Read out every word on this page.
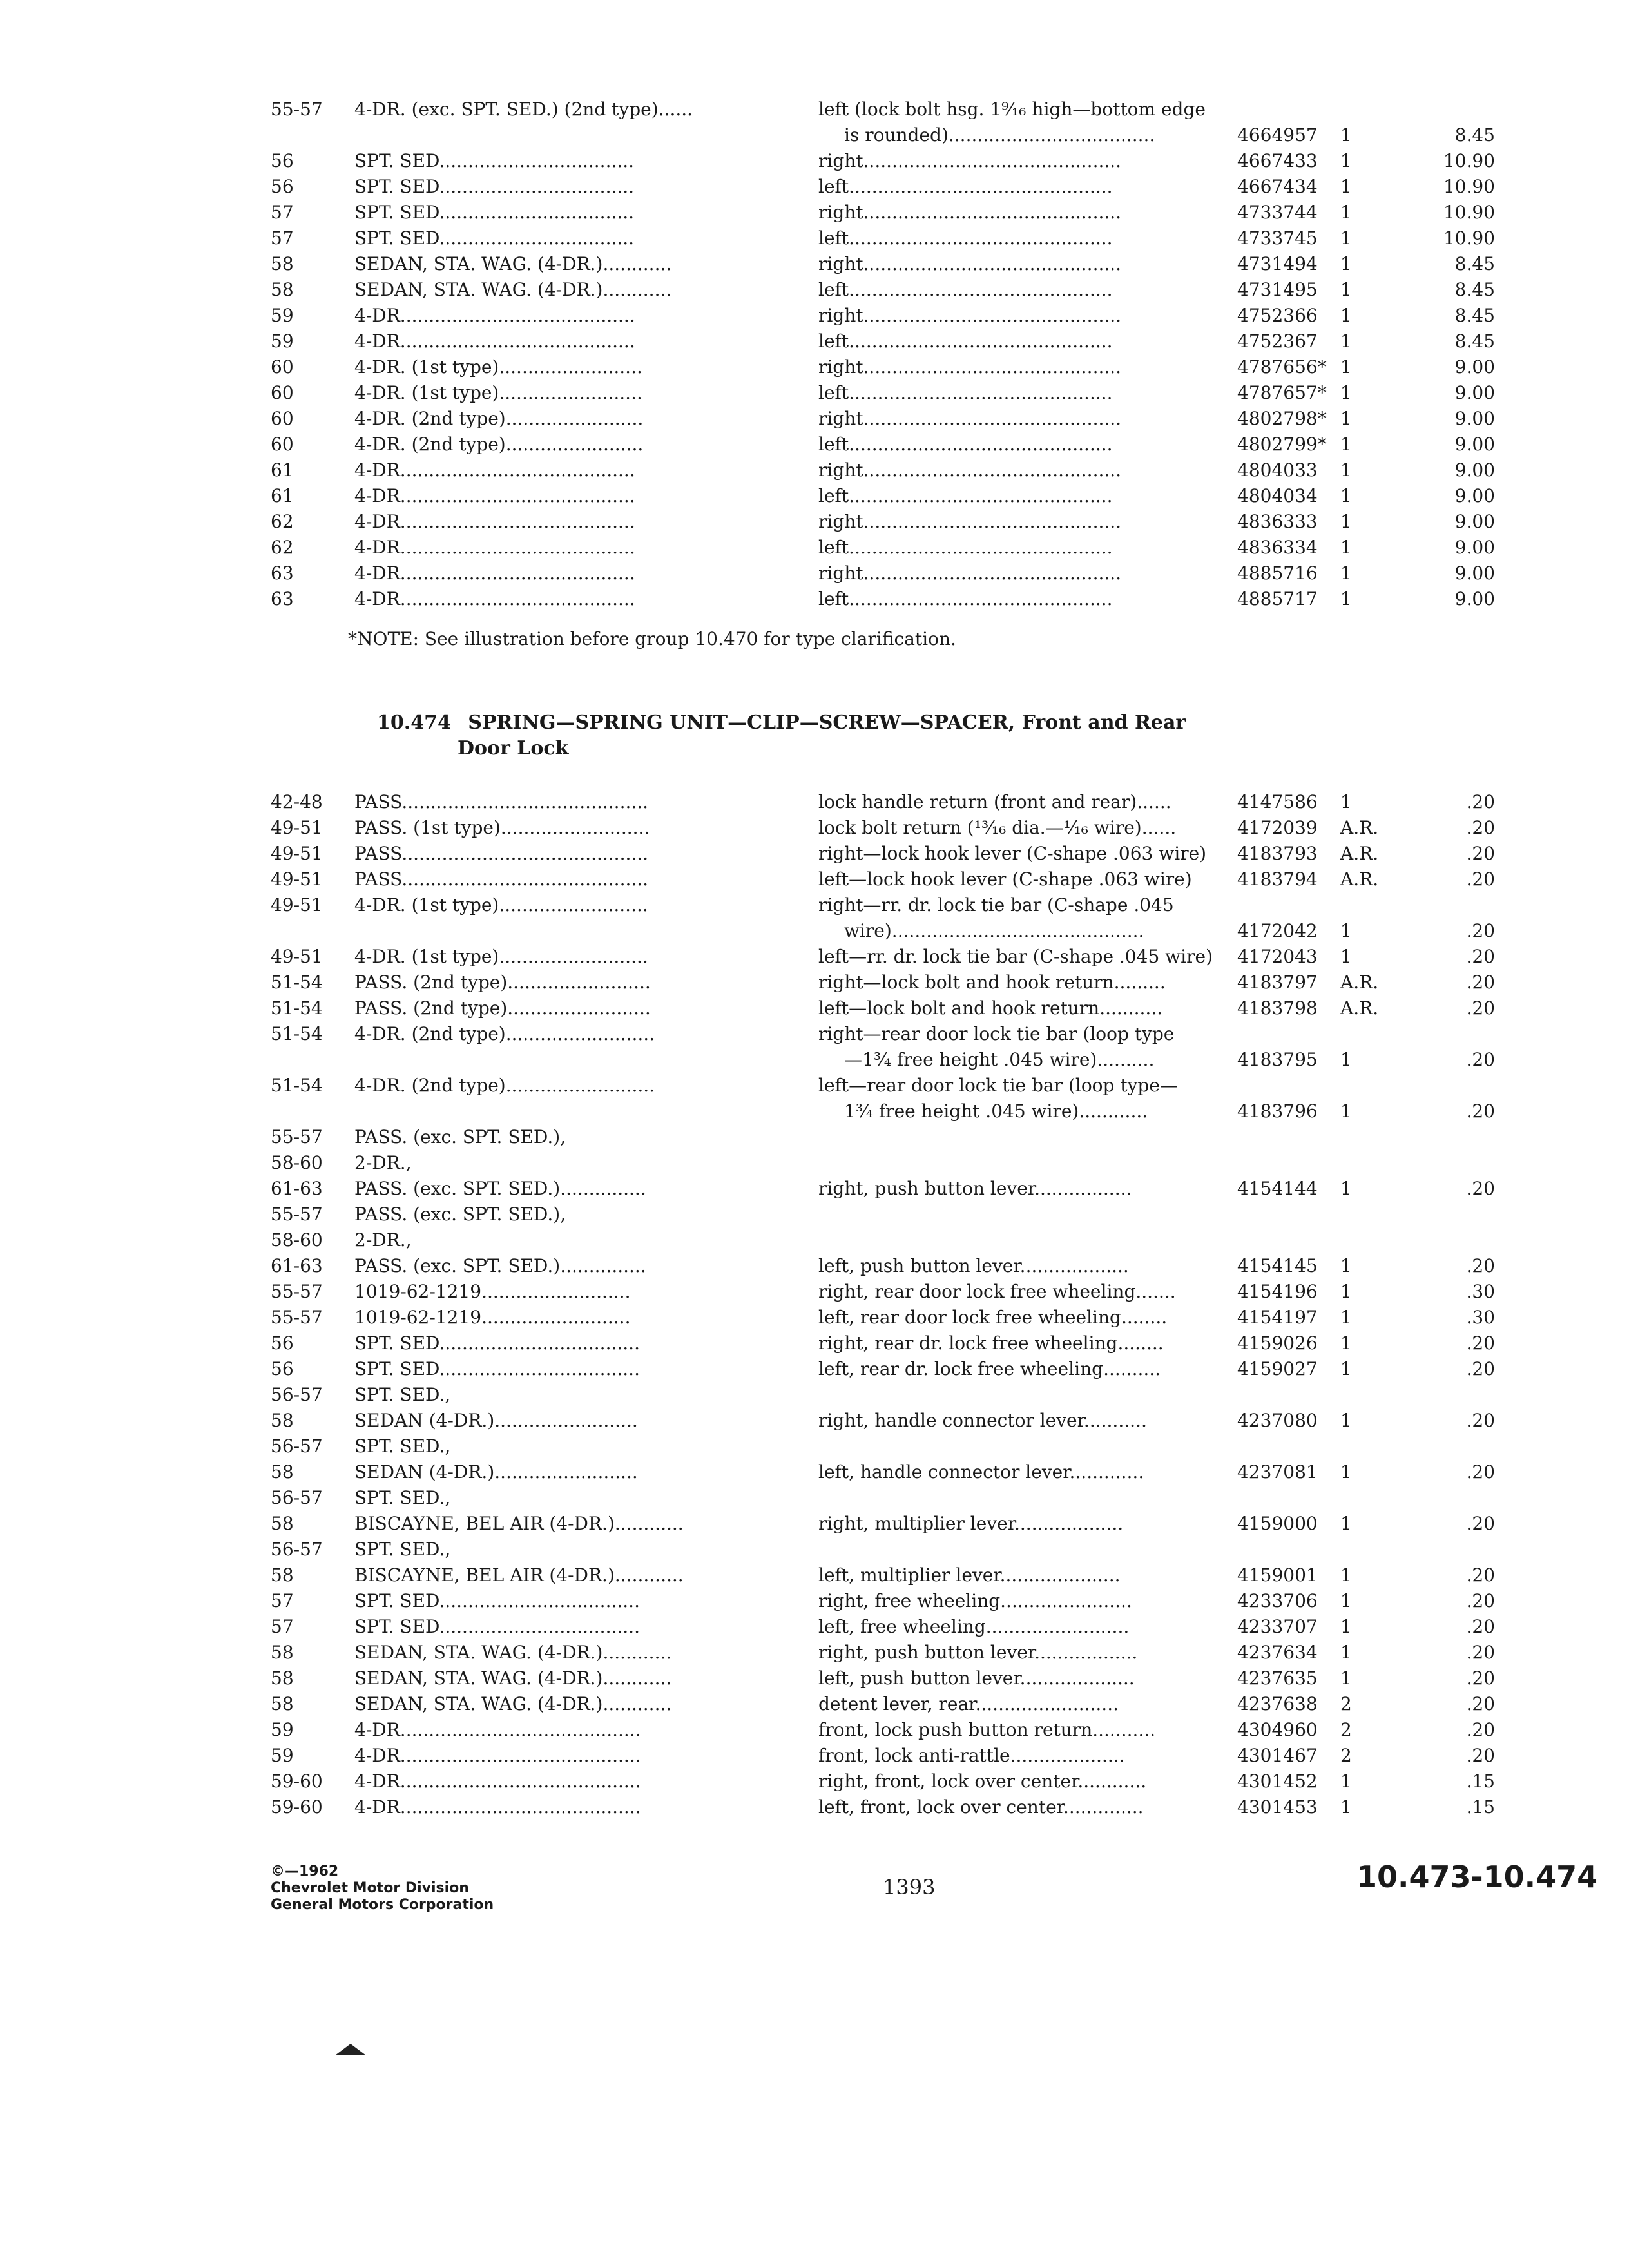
55-57	4-DR. (exc. SPT. SED.) (2nd type)......	left (lock bolt hsg. 1⁹⁄₁₆ high—bottom edge
is rounded)....................................	4664957	1	8.45
56	SPT. SED..................................	right.............................................	4667433	1	10.90
56	SPT. SED..................................	left..............................................	4667434	1	10.90
57	SPT. SED..................................	right.............................................	4733744	1	10.90
57	SPT. SED..................................	left..............................................	4733745	1	10.90
58	SEDAN, STA. WAG. (4-DR.)............	right.............................................	4731494	1	8.45
58	SEDAN, STA. WAG. (4-DR.)............	left..............................................	4731495	1	8.45
59	4-DR.........................................	right.............................................	4752366	1	8.45
59	4-DR.........................................	left..............................................	4752367	1	8.45
60	4-DR. (1st type).........................	right.............................................	4787656* 1	9.00
60	4-DR. (1st type).........................	left..............................................	4787657* 1	9.00
60	4-DR. (2nd type)........................	right.............................................	4802798* 1	9.00
60	4-DR. (2nd type)........................	left..............................................	4802799* 1	9.00
61	4-DR.........................................	right.............................................	4804033	1	9.00
61	4-DR.........................................	left..............................................	4804034	1	9.00
62	4-DR.........................................	right.............................................	4836333	1	9.00
62	4-DR.........................................	left..............................................	4836334	1	9.00
63	4-DR.........................................	right.............................................	4885716	1	9.00
63	4-DR.........................................	left..............................................	4885717	1	9.00
*NOTE: See illustration before group 10.470 for type clarification.
10.474 SPRING—SPRING UNIT—CLIP—SCREW—SPACER, Front and Rear
Door Lock
42-48	PASS...........................................	lock handle return (front and rear)......	4147586	1	.20
49-51	PASS. (1st type)..........................	lock bolt return (¹³⁄₁₆ dia.—¹⁄₁₆ wire)......	4172039	A.R.	.20
49-51	PASS...........................................	right—lock hook lever (C-shape .063 wire)	4183793	A.R.	.20
49-51	PASS...........................................	left—lock hook lever (C-shape .063 wire)	4183794	A.R.	.20
49-51	4-DR. (1st type)..........................	right—rr. dr. lock tie bar (C-shape .045
wire)............................................	4172042	1	.20
49-51	4-DR. (1st type)..........................	left—rr. dr. lock tie bar (C-shape .045 wire)	4172043	1	.20
51-54	PASS. (2nd type).........................	right—lock bolt and hook return.........	4183797	A.R.	.20
51-54	PASS. (2nd type).........................	left—lock bolt and hook return...........	4183798	A.R.	.20
51-54	4-DR. (2nd type)..........................	right—rear door lock tie bar (loop type
—1¾ free height .045 wire)..........	4183795	1	.20
51-54	4-DR. (2nd type)..........................	left—rear door lock tie bar (loop type—
1¾ free height .045 wire)............	4183796	1	.20
55-57	PASS. (exc. SPT. SED.),
58-60	2-DR.,
61-63	PASS. (exc. SPT. SED.)...............	right, push button lever.................	4154144	1	.20
55-57	PASS. (exc. SPT. SED.),
58-60	2-DR.,
61-63	PASS. (exc. SPT. SED.)...............	left, push button lever...................	4154145	1	.20
55-57	1019-62-1219..........................	right, rear door lock free wheeling.......	4154196	1	.30
55-57	1019-62-1219..........................	left, rear door lock free wheeling........	4154197	1	.30
56	SPT. SED...................................	right, rear dr. lock free wheeling........	4159026	1	.20
56	SPT. SED...................................	left, rear dr. lock free wheeling..........	4159027	1	.20
56-57	SPT. SED.,
58	SEDAN (4-DR.).........................	right, handle connector lever...........	4237080	1	.20
56-57	SPT. SED.,
58	SEDAN (4-DR.).........................	left, handle connector lever.............	4237081	1	.20
56-57	SPT. SED.,
58	BISCAYNE, BEL AIR (4-DR.)............	right, multiplier lever...................	4159000	1	.20
56-57	SPT. SED.,
58	BISCAYNE, BEL AIR (4-DR.)............	left, multiplier lever.....................	4159001	1	.20
57	SPT. SED...................................	right, free wheeling.......................	4233706	1	.20
57	SPT. SED...................................	left, free wheeling.........................	4233707	1	.20
58	SEDAN, STA. WAG. (4-DR.)............	right, push button lever..................	4237634	1	.20
58	SEDAN, STA. WAG. (4-DR.)............	left, push button lever....................	4237635	1	.20
58	SEDAN, STA. WAG. (4-DR.)............	detent lever, rear.........................	4237638	2	.20
59	4-DR..........................................	front, lock push button return...........	4304960	2	.20
59	4-DR..........................................	front, lock anti-rattle....................	4301467	2	.20
59-60	4-DR..........................................	right, front, lock over center............	4301452	1	.15
59-60	4-DR..........................................	left, front, lock over center..............	4301453	1	.15
©—1962
Chevrolet Motor Division
General Motors Corporation
1393	10.473-10.474
